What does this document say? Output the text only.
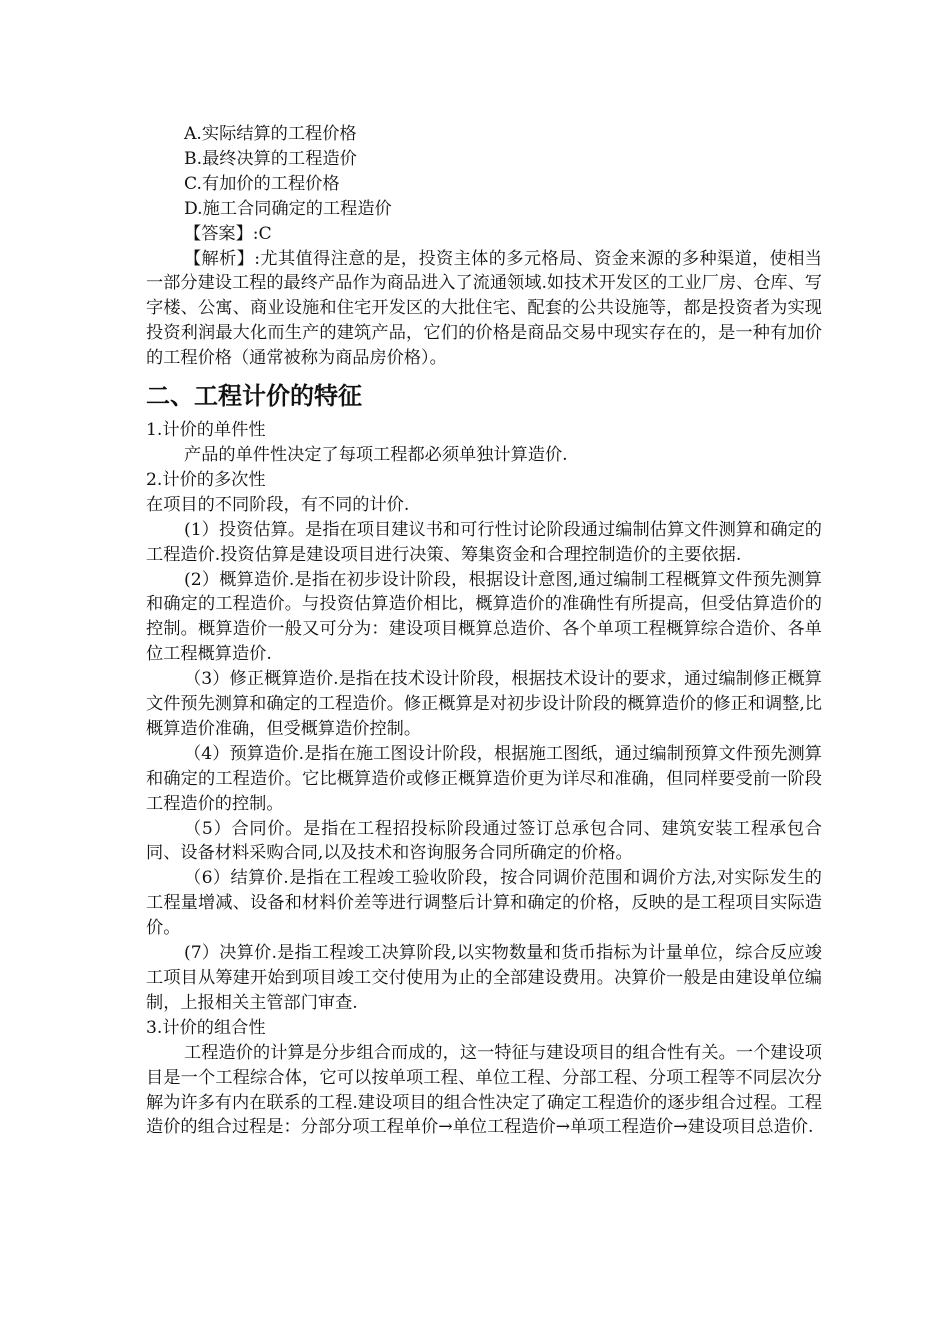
A.实际结算的工程价格

B.最终决算的工程造价

C.有加价的工程价格

D.施工合同确定的工程造价

【答案】:C

【解析】:尤其值得注意的是，投资主体的多元格局、资金来源的多种渠道，使相当一部分建设工程的最终产品作为商品进入了流通领域.如技术开发区的工业厂房、仓库、写字楼、公寓、商业设施和住宅开发区的大批住宅、配套的公共设施等，都是投资者为实现投资利润最大化而生产的建筑产品，它们的价格是商品交易中现实存在的，是一种有加价的工程价格（通常被称为商品房价格）。

二、工程计价的特征

1.计价的单件性

产品的单件性决定了每项工程都必须单独计算造价.

2.计价的多次性

在项目的不同阶段，有不同的计价.

(1）投资估算。是指在项目建议书和可行性讨论阶段通过编制估算文件测算和确定的工程造价.投资估算是建设项目进行决策、筹集资金和合理控制造价的主要依据.

(2）概算造价.是指在初步设计阶段，根据设计意图,通过编制工程概算文件预先测算和确定的工程造价。与投资估算造价相比，概算造价的准确性有所提高，但受估算造价的控制。概算造价一般又可分为：建设项目概算总造价、各个单项工程概算综合造价、各单位工程概算造价.

（3）修正概算造价.是指在技术设计阶段，根据技术设计的要求，通过编制修正概算文件预先测算和确定的工程造价。修正概算是对初步设计阶段的概算造价的修正和调整,比概算造价准确，但受概算造价控制。

（4）预算造价.是指在施工图设计阶段，根据施工图纸，通过编制预算文件预先测算和确定的工程造价。它比概算造价或修正概算造价更为详尽和准确，但同样要受前一阶段工程造价的控制。

（5）合同价。是指在工程招投标阶段通过签订总承包合同、建筑安装工程承包合同、设备材料采购合同,以及技术和咨询服务合同所确定的价格。

（6）结算价.是指在工程竣工验收阶段，按合同调价范围和调价方法,对实际发生的工程量增减、设备和材料价差等进行调整后计算和确定的价格，反映的是工程项目实际造价。

(7）决算价.是指工程竣工决算阶段,以实物数量和货币指标为计量单位，综合反应竣工项目从筹建开始到项目竣工交付使用为止的全部建设费用。决算价一般是由建设单位编制，上报相关主管部门审查.

3.计价的组合性

工程造价的计算是分步组合而成的，这一特征与建设项目的组合性有关。一个建设项目是一个工程综合体，它可以按单项工程、单位工程、分部工程、分项工程等不同层次分解为许多有内在联系的工程.建设项目的组合性决定了确定工程造价的逐步组合过程。工程造价的组合过程是：分部分项工程单价→单位工程造价→单项工程造价→建设项目总造价.
